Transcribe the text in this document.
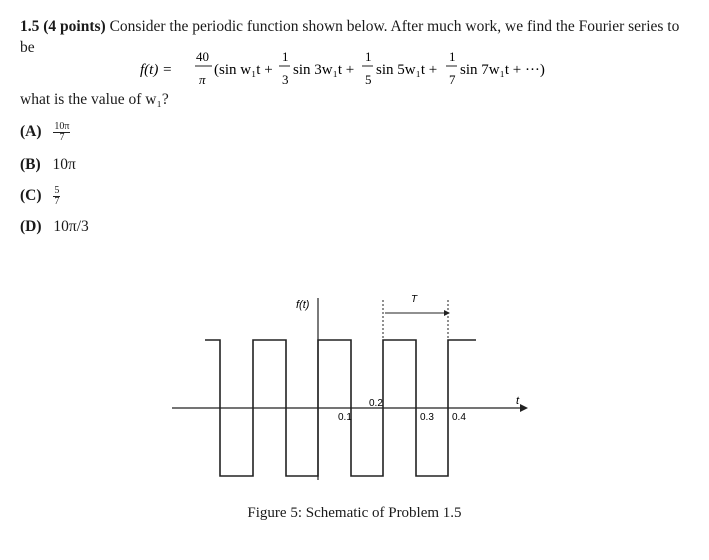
1.5 (4 points) Consider the periodic function shown below. After much work, we find the Fourier series to be
f(t) =
40
π
(sin w₁t +
1
3
sin 3w₁t +
1
5
sin 5w₁t +
1
7
sin 7w₁t + ···)
what is the value of w₁?
$(A) \frac{10\pi}{7}$
(B) 10π
$(C) \frac{5}{7}$
(D) 10π/3
t
f(t)	T
0.1
0.2
0.3 0.4
Figure 5: Schematic of Problem 1.5
